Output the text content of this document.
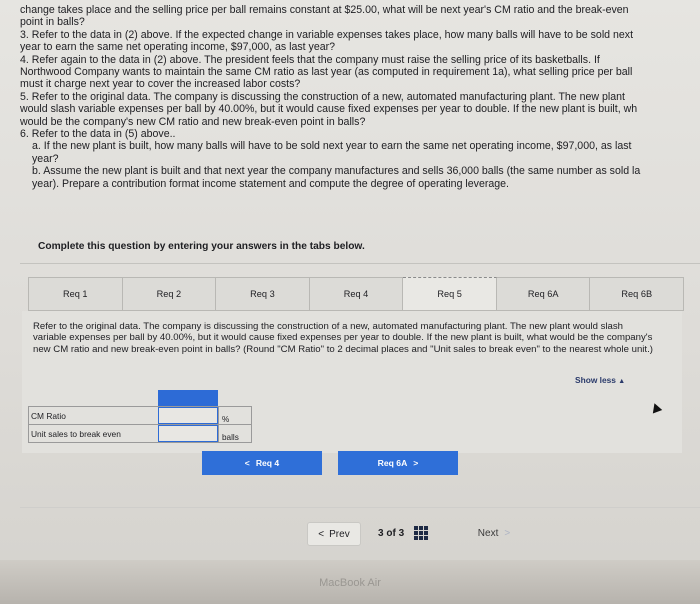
change takes place and the selling price per ball remains constant at $25.00, what will be next year's CM ratio and the break-even
point in balls?
3. Refer to the data in (2) above. If the expected change in variable expenses takes place, how many balls will have to be sold next
year to earn the same net operating income, $97,000, as last year?
4. Refer again to the data in (2) above. The president feels that the company must raise the selling price of its basketballs. If
Northwood Company wants to maintain the same CM ratio as last year (as computed in requirement 1a), what selling price per ball
must it charge next year to cover the increased labor costs?
5. Refer to the original data. The company is discussing the construction of a new, automated manufacturing plant. The new plant
would slash variable expenses per ball by 40.00%, but it would cause fixed expenses per year to double. If the new plant is built, wh
would be the company's new CM ratio and new break-even point in balls?
6. Refer to the data in (5) above..
a. If the new plant is built, how many balls will have to be sold next year to earn the same net operating income, $97,000, as last
year?
b. Assume the new plant is built and that next year the company manufactures and sells 36,000 balls (the same number as sold la
year). Prepare a contribution format income statement and compute the degree of operating leverage.
Complete this question by entering your answers in the tabs below.
Req 1	Req 2	Req 3	Req 4	Req 5	Req 6A	Req 6B
Refer to the original data. The company is discussing the construction of a new, automated manufacturing plant. The new plant would slash variable expenses per ball by 40.00%, but it would cause fixed expenses per year to double. If the new plant is built, what would be the company's new CM ratio and new break-even point in balls? (Round "CM Ratio" to 2 decimal places and "Unit sales to break even" to the nearest whole unit.)
Show less ▲
CM Ratio	%
Unit sales to break even	balls
< Req 4	Req 6A >
< Prev	3 of 3	Next >
MacBook Air
